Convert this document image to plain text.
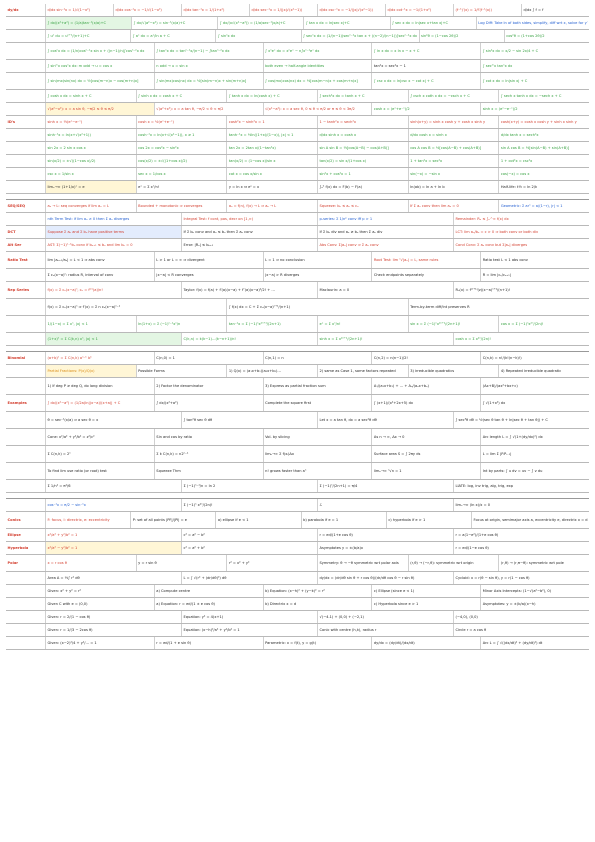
dy/dx	d/dx sin⁻¹x = 1/√(1−x²)	d/dx cos⁻¹x = −1/√(1−x²)	d/dx tan⁻¹x = 1/(1+x²)	d/dx sec⁻¹x = 1/(|x|√(x²−1))	d/dx csc⁻¹x = −1/(|x|√(x²−1))	d/dx cot⁻¹x = −1/(1+x²)	(f⁻¹)′(x) = 1/f′(f⁻¹(x))	d/dx ∫ f = f
∫ dx/(x²+a²) = (1/a)tan⁻¹(x/a)+C	∫ dx/√(a²−x²) = sin⁻¹(x/a)+C	∫ dx/(x√(x²−a²)) = (1/a)sec⁻¹|x/a|+C	∫ tan x dx = ln|sec x|+C	∫ sec x dx = ln|sec x+tan x|+C	Log Diff: Take ln of both sides, simplify, diff wrt x, solve for y′
∫ uⁿ du = uⁿ⁺¹/(n+1)+C	∫ aˣ dx = aˣ/ln a + C	∫ sinⁿx dx	∫ secⁿx dx = (1/(n−1))secⁿ⁻²x tan x + ((n−2)/(n−1))∫secⁿ⁻²x dx	sin²θ = (1−cos 2θ)/2	cos²θ = (1+cos 2θ)/2
∫ cosⁿx dx = (1/n)cosⁿ⁻¹x sin x + ((n−1)/n)∫cosⁿ⁻²x dx	∫ tanⁿx dx = tanⁿ⁻¹x/(n−1) − ∫tanⁿ⁻²x dx	∫ xⁿeˣ dx = xⁿeˣ − n∫xⁿ⁻¹eˣ dx	∫ ln x dx = x ln x − x + C	∫ sin²x dx = x/2 − sin 2x/4 + C
∫ sinᵐx cosⁿx dx: m odd → u = cos x	n odd → u = sin x	both even → half-angle identities	tan²x = sec²x − 1	∫ secᵐx tanⁿx dx
∫ sin(mx)sin(nx) dx = ½[cos(m−n)x − cos(m+n)x]	∫ sin(mx)cos(nx) dx = ½[sin(m−n)x + sin(m+n)x]	∫ cos(mx)cos(nx) dx = ½[cos(m−n)x + cos(m+n)x]	∫ csc x dx = ln|csc x − cot x| + C	∫ cot x dx = ln|sin x| + C
∫ cosh x dx = sinh x + C	∫ sinh x dx = cosh x + C	∫ tanh x dx = ln(cosh x) + C	∫ sech²x dx = tanh x + C	∫ csch x coth x dx = −csch x + C	∫ sech x tanh x dx = −sech x + C
√(a²−x²): x = a sin θ, −π/2 ≤ θ ≤ π/2	√(a²+x²): x = a tan θ, −π/2 < θ < π/2	√(x²−a²): x = a sec θ, 0 ≤ θ < π/2 or π ≤ θ < 3π/2	cosh x = (eˣ+e⁻ˣ)/2	sinh x = (eˣ−e⁻ˣ)/2
ID's	sinh x = ½(eˣ−e⁻ˣ)	cosh x = ½(eˣ+e⁻ˣ)	cosh²x − sinh²x = 1	1 − tanh²x = sech²x	sinh(x+y) = sinh x cosh y + cosh x sinh y	cosh(x+y) = cosh x cosh y + sinh x sinh y
sinh⁻¹x = ln(x+√(x²+1))	cosh⁻¹x = ln(x+√(x²−1)), x ≥ 1	tanh⁻¹x = ½ln((1+x)/(1−x)), |x| < 1	d/dx sinh x = cosh x	d/dx cosh x = sinh x	d/dx tanh x = sech²x
sin 2x = 2 sin x cos x	cos 2x = cos²x − sin²x	tan 2x = 2tan x/(1−tan²x)	sin A sin B = ½[cos(A−B) − cos(A+B)]	cos A cos B = ½[cos(A−B) + cos(A+B)]	sin A cos B = ½[sin(A−B) + sin(A+B)]
sin(x/2) = ±√((1−cos x)/2)	cos(x/2) = ±√((1+cos x)/2)	tan(x/2) = (1−cos x)/sin x	tan(x/2) = sin x/(1+cos x)	1 + tan²x = sec²x	1 + cot²x = csc²x
csc x = 1/sin x	sec x = 1/cos x	cot x = cos x/sin x	sin²x + cos²x = 1	sin(−x) = −sin x	cos(−x) = cos x
limₓ→∞ (1+1/x)ˣ = e	eˣ = Σ xⁿ/n!	y = ln x ⇔ eʸ = x	∫ₐᵇ f(x) dx = F(b) − F(a)	ln(ab) = ln a + ln b	Half-life: t½ = ln 2/k
SEQ/SEQ	aₙ → L: seq converges if lim aₙ = L	Bounded + monotonic ⇒ converges	aₙ = f(n), f(x) → L ⇒ aₙ → L	Squeeze: bₙ ≤ aₙ ≤ cₙ	If Σ aₙ conv then lim aₙ = 0	Geometric: Σ arⁿ = a/(1−r), |r| < 1
nth Term Test: if lim aₙ ≠ 0 then Σ aₙ diverges	Integral Test: f cont, pos, decr on [1,∞)	p-series: Σ 1/nᵖ conv iff p > 1	Remainder: Rₙ ≤ ∫ₙ^∞ f(x) dx
DCT	Suppose Σ aₙ and Σ bₙ have positive terms	If Σ bₙ conv and aₙ ≤ bₙ then Σ aₙ conv	If Σ bₙ div and aₙ ≥ bₙ then Σ aₙ div	LCT: lim aₙ/bₙ = c > 0 ⇒ both conv or both div
Alt Ser	AST: Σ(−1)ⁿ⁻¹bₙ conv if bₙ₊₁ ≤ bₙ and lim bₙ = 0	Error: |Rₙ| ≤ bₙ₊₁	Abs Conv: Σ|aₙ| conv ⇒ Σ aₙ conv	Cond Conv: Σ aₙ conv but Σ|aₙ| diverges
Ratio Test	lim |aₙ₊₁/aₙ| = L < 1 ⇒ abs conv	L > 1 or L = ∞ ⇒ divergent	L = 1 ⇒ no conclusion	Root Test: lim ⁿ√|aₙ| = L, same rules	Ratio test L < 1 abs conv
Σ cₙ(x−a)ⁿ: radius R, interval of conv	|x−a| < R converges	|x−a| > R diverges	Check endpoints separately	R = lim |cₙ/cₙ₊₁|
Rep Series	f(x) = Σ cₙ(x−a)ⁿ, cₙ = f⁽ⁿ⁾(a)/n!	Taylor: f(x) = f(a) + f′(a)(x−a) + f″(a)(x−a)²/2! + …	Maclaurin: a = 0	Rₙ(x) = f⁽ⁿ⁺¹⁾(z)(x−a)ⁿ⁺¹/(n+1)!
f(x) = Σ cₙ(x−a)ⁿ ⇒ f′(x) = Σ n cₙ(x−a)ⁿ⁻¹	∫ f(x) dx = C + Σ cₙ(x−a)ⁿ⁺¹/(n+1)	Term-by-term diff/int preserves R
1/(1−x) = Σ xⁿ, |x| < 1	ln(1+x) = Σ (−1)ⁿ⁻¹xⁿ/n	tan⁻¹x = Σ (−1)ⁿx²ⁿ⁺¹/(2n+1)	eˣ = Σ xⁿ/n!	sin x = Σ (−1)ⁿx²ⁿ⁺¹/(2n+1)!	cos x = Σ (−1)ⁿx²ⁿ/(2n)!
(1+x)ᵏ = Σ C(k,n) xⁿ, |x| < 1	C(k,n) = k(k−1)…(k−n+1)/n!	sinh x = Σ x²ⁿ⁺¹/(2n+1)!	cosh x = Σ x²ⁿ/(2n)!
Binomial	(a+b)ⁿ = Σ C(n,k) aⁿ⁻ᵏ bᵏ	C(n,0) = 1	C(n,1) = n	C(n,2) = n(n−1)/2!	C(n,k) = n!/(k!(n−k)!)
Partial Fractions: P(x)/Q(x)	Possible Forms	1) Q(x) = (a₁x+b₁)(a₂x+b₂)…	2) same as Case 1, some factors repeated	3) irreducible quadratics	4) Repeated irreducible quadratic
1) If deg P ≥ deg Q, do long division	2) Factor the denominator	3) Express as partial fraction sum	A₁/(a₁x+b₁) + … + Aₙ/(aₙx+bₙ)	(Ax+B)/(ax²+bx+c)
Examples	∫ dx/(x²−a²) = (1/2a)ln|(x−a)/(x+a)| + C	∫ dx/(x²+a²)	Complete the square first	∫ (x+1)/(x²+2x+5) dx	∫ √(1+x²) dx
θ = sec⁻¹(x/a) ⇒ a sec θ = x	∫ tan²θ sec θ dθ	Let x = a tan θ, dx = a sec²θ dθ	∫ sec³θ dθ = ½(sec θ tan θ + ln|sec θ + tan θ|) + C
Cone: x²/a² + y²/b² = z²/c²	Sin and cos by ratio	Vol. by slicing	As n → ∞, Δx → 0	Arc length L = ∫ √(1+(dy/dx)²) dx
Σ C(n,k) = 2ⁿ	Σ k C(n,k) = n2ⁿ⁻¹	limₙ→∞ Σ f(xᵢ)Δx	Surface area S = ∫ 2πy ds	L = lim Σ |PᵢPᵢ₋₁|
To find lim use ratio (or root) test	Squeeze Thm	n! grows faster than aⁿ	limₙ→∞ ⁿ√n = 1	Int by parts: ∫ u dv = uv − ∫ v du
Σ 1/n² = π²/6	Σ (−1)ⁿ⁻¹/n = ln 2	Σ (−1)ⁿ/(2n+1) = π/4	LIATE: log, inv trig, alg, trig, exp
cos⁻¹x = π/2 − sin⁻¹x	Σ (−1)ⁿ x²ⁿ/(2n)!	ℒ	limₓ→∞ (ln x)/x = 0
Conics	F: focus, l: directrix, e: eccentricity	P: set of all points |PF|/|Pl| = e	a) ellipse if e < 1	b) parabola if e = 1	c) hyperbola if e > 1	Focus at origin, semimajor axis a, eccentricity e, directrix x = d
Ellipse	x²/a² + y²/b² = 1	c² = a² − b²	r = ed/(1+e cos θ)	r = a(1−e²)/(1+e cos θ)
Hyperbola	x²/a² − y²/b² = 1	c² = a² + b²	Asymptotes y = ±(b/a)x	r = ed/(1−e cos θ)
Polar	x = r cos θ	y = r sin θ	r² = x² + y²	Symmetry: θ → −θ symmetric wrt polar axis	(r,θ) → (−r,θ): symmetric wrt origin	(r,θ) → (r,π−θ): symmetric wrt pole
Area A = ½∫ r² dθ	L = ∫ √(r² + (dr/dθ)²) dθ	dy/dx = (dr/dθ sin θ + r cos θ)/(dr/dθ cos θ − r sin θ)	Cycloid: x = r(θ − sin θ), y = r(1 − cos θ)
Given: x² + y² = r²	a) Compute centre	b) Equation: (x−h)² + (y−k)² = r²	c) Ellipse (since e < 1)	Minor Axis Intercepts: (1−√(a²−b²), 0)
Given C with e = (0,0)	a) Equation: r = ed/(1 ± e cos θ)	b) Directrix x = d	c) Hyperbola since e > 1	Asymptotes: y = ±(b/a)(x−h)
Given: r = 2/(1 − cos θ)	Equation: y² = 4(x+1)	√(−4.1) + (0,0) + (−2,1)	(−4,0), (0,0)
Given: r = 1/(3 − 2cos θ)	Equation: (x−h)²/a² + y²/b² = 1	Conic with centre (h,k), radius r	Circle r = a cos θ
Given: (x−2)²/4 + y²/… = 1	r = ed/(1 + e sin θ)	Parametric: x = f(t), y = g(t)	dy/dx = (dy/dt)/(dx/dt)	Arc L = ∫ √((dx/dt)² + (dy/dt)²) dt
